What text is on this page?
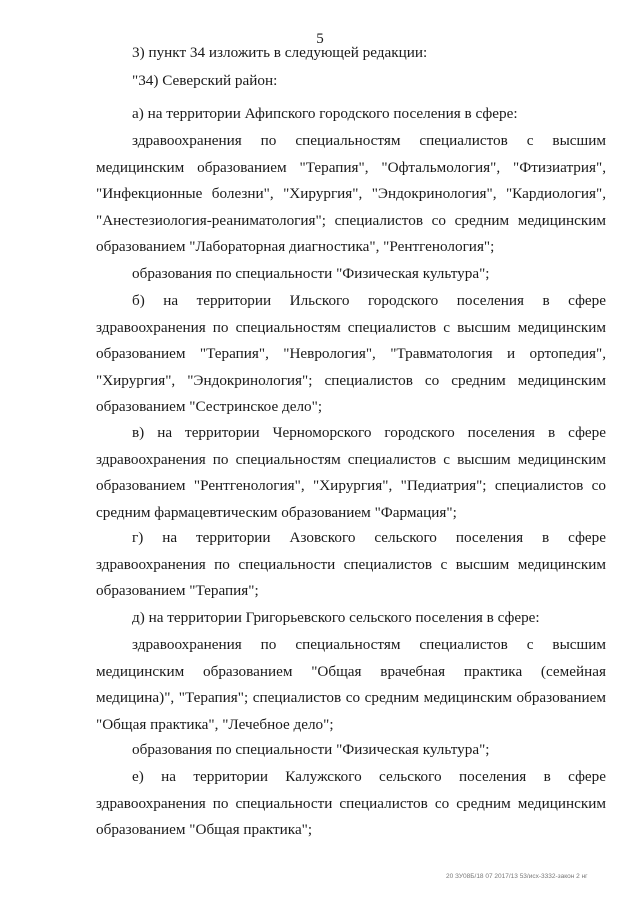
5

3) пункт 34 изложить в следующей редакции:

"34) Северский район:

а) на территории Афипского городского поселения в сфере:

здравоохранения по специальностям специалистов с высшим медицинским образованием "Терапия", "Офтальмология", "Фтизиатрия", "Инфекционные болезни", "Хирургия", "Эндокринология", "Кардиология", "Анестезиология-реаниматология"; специалистов со средним медицинским образованием "Лабораторная диагностика", "Рентгенология";

образования по специальности "Физическая культура";

б) на территории Ильского городского поселения в сфере здравоохранения по специальностям специалистов с высшим медицинским образованием "Терапия", "Неврология", "Травматология и ортопедия", "Хирургия", "Эндокринология"; специалистов со средним медицинским образованием "Сестринское дело";

в) на территории Черноморского городского поселения в сфере здравоохранения по специальностям специалистов с высшим медицинским образованием "Рентгенология", "Хирургия", "Педиатрия"; специалистов со средним фармацевтическим образованием "Фармация";

г) на территории Азовского сельского поселения в сфере здравоохранения по специальности специалистов с высшим медицинским образованием "Терапия";

д) на территории Григорьевского сельского поселения в сфере:

здравоохранения по специальностям специалистов с высшим медицинским образованием "Общая врачебная практика (семейная медицина)", "Терапия"; специалистов со средним медицинским образованием "Общая практика", "Лечебное дело";

образования по специальности "Физическая культура";

е) на территории Калужского сельского поселения в сфере здравоохранения по специальности специалистов со средним медицинским образованием "Общая практика";

20 ЗУ08Б/18 07 2017/13 53/исх-3332-закон 2 нг
